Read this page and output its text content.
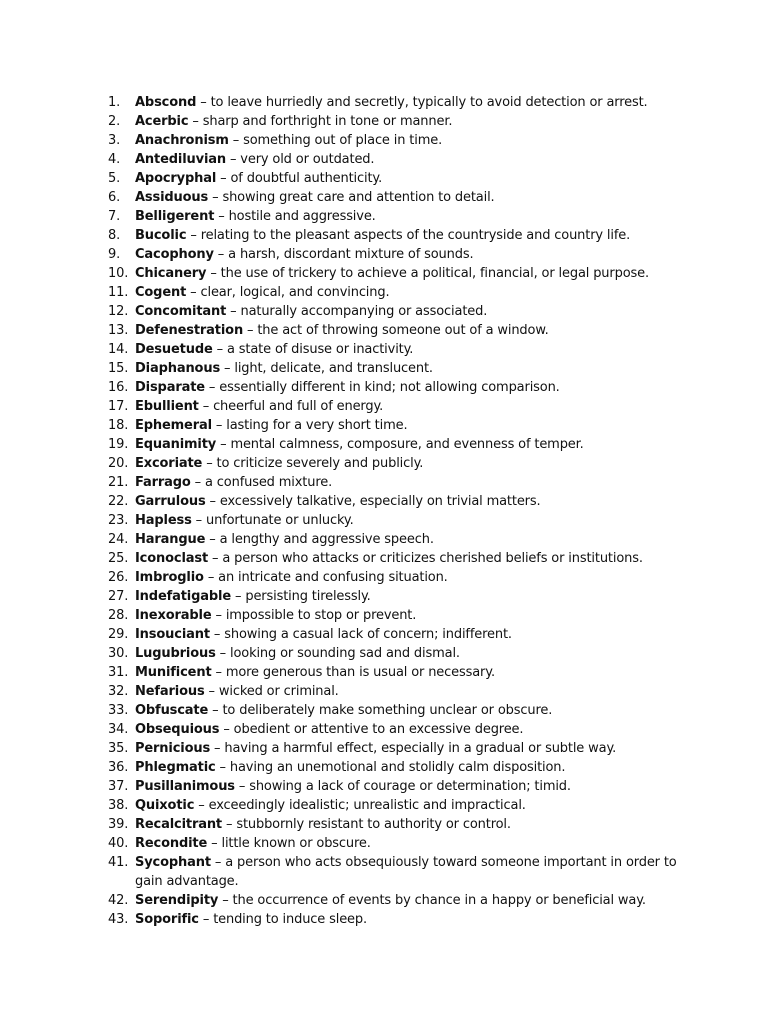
1. Abscond – to leave hurriedly and secretly, typically to avoid detection or arrest.
2. Acerbic – sharp and forthright in tone or manner.
3. Anachronism – something out of place in time.
4. Antediluvian – very old or outdated.
5. Apocryphal – of doubtful authenticity.
6. Assiduous – showing great care and attention to detail.
7. Belligerent – hostile and aggressive.
8. Bucolic – relating to the pleasant aspects of the countryside and country life.
9. Cacophony – a harsh, discordant mixture of sounds.
10. Chicanery – the use of trickery to achieve a political, financial, or legal purpose.
11. Cogent – clear, logical, and convincing.
12. Concomitant – naturally accompanying or associated.
13. Defenestration – the act of throwing someone out of a window.
14. Desuetude – a state of disuse or inactivity.
15. Diaphanous – light, delicate, and translucent.
16. Disparate – essentially different in kind; not allowing comparison.
17. Ebullient – cheerful and full of energy.
18. Ephemeral – lasting for a very short time.
19. Equanimity – mental calmness, composure, and evenness of temper.
20. Excoriate – to criticize severely and publicly.
21. Farrago – a confused mixture.
22. Garrulous – excessively talkative, especially on trivial matters.
23. Hapless – unfortunate or unlucky.
24. Harangue – a lengthy and aggressive speech.
25. Iconoclast – a person who attacks or criticizes cherished beliefs or institutions.
26. Imbroglio – an intricate and confusing situation.
27. Indefatigable – persisting tirelessly.
28. Inexorable – impossible to stop or prevent.
29. Insouciant – showing a casual lack of concern; indifferent.
30. Lugubrious – looking or sounding sad and dismal.
31. Munificent – more generous than is usual or necessary.
32. Nefarious – wicked or criminal.
33. Obfuscate – to deliberately make something unclear or obscure.
34. Obsequious – obedient or attentive to an excessive degree.
35. Pernicious – having a harmful effect, especially in a gradual or subtle way.
36. Phlegmatic – having an unemotional and stolidly calm disposition.
37. Pusillanimous – showing a lack of courage or determination; timid.
38. Quixotic – exceedingly idealistic; unrealistic and impractical.
39. Recalcitrant – stubbornly resistant to authority or control.
40. Recondite – little known or obscure.
41. Sycophant – a person who acts obsequiously toward someone important in order to gain advantage.
42. Serendipity – the occurrence of events by chance in a happy or beneficial way.
43. Soporific – tending to induce sleep.
